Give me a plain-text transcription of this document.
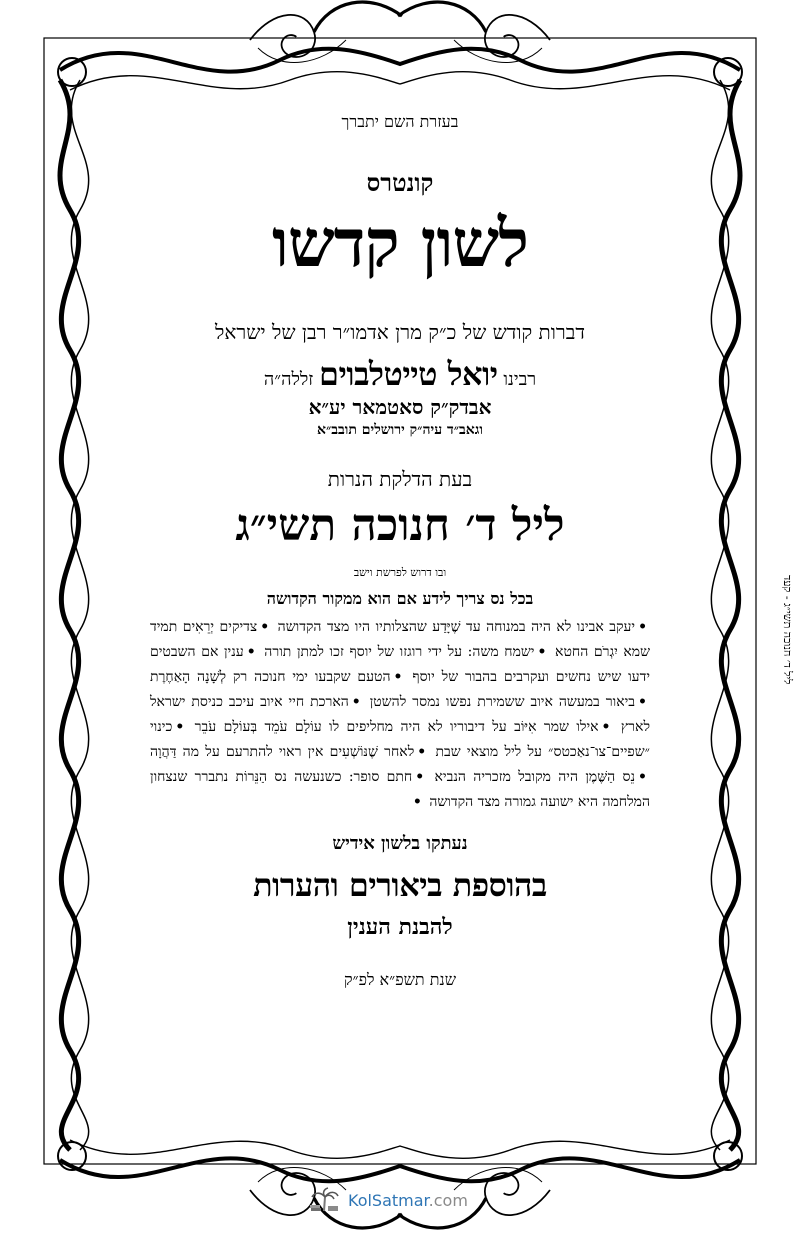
בעזרת השם יתברך
קונטרס
לשון קדשו
דברות קודש של כ״ק מרן אדמו״ר רבן של ישראל
רבינו יואל טייטלבוים זללה״ה
אבדק״ק סאטמאר יע״א
וגאב״ד עיה״ק ירושלים תובב״א
בעת הדלקת הנרות
ליל ד׳ חנוכה תשי״ג
ובו דרוש לפרשת וישב
בכל נס צריך לידע אם הוא ממקור הקדושה
•יעקב אבינו לא היה במנוחה עד שֶׁיָּדַע שהצלותיו היו מצד הקדושה •צדיקים יְרֵאִים תמיד שמא יִגְרֹם החטא •ישמח משה: על ידי רוגזו של יוסף זכו למתן תורה •ענין אם השבטים ידעו שיש נחשים ועקרבים בהבור של יוסף •הטעם שקבעו ימי חנוכה רק לְשָׁנָה הָאַחֶרֶת •ביאור במעשה איוב ששמירת נפשו נמסר להשטן •הארכת חיי איוב עיכב כניסת ישראל לארץ •אילו שמר אִיּוֹב על דיבוריו לא היה מחליפים לו עוֹלָם עֹמֵד בְּעוֹלָם עֹבֵר •כינוי ״שפיים־צו־נאַכטס״ על ליל מוצאי שבת •לאחר שֶׁנּוֹשְׁעִים אין ראוי להתרעם על מה דַּהֲוָה •נֵס הַשֶּׁמֶן היה מקובל מזכריה הנביא •חתם סופר: כשנעשה נס הַנֵּרוֹת נתברר שנצחון המלחמה היא ישועה גמורה מצד הקדושה •
נעתקו בלשון אידיש
בהוספת ביאורים והערות
להבנת הענין
שנת תשפ״א לפ״ק
ליל ד׳ חנוכה תשי״ג - קעד
KolSatmar.com
